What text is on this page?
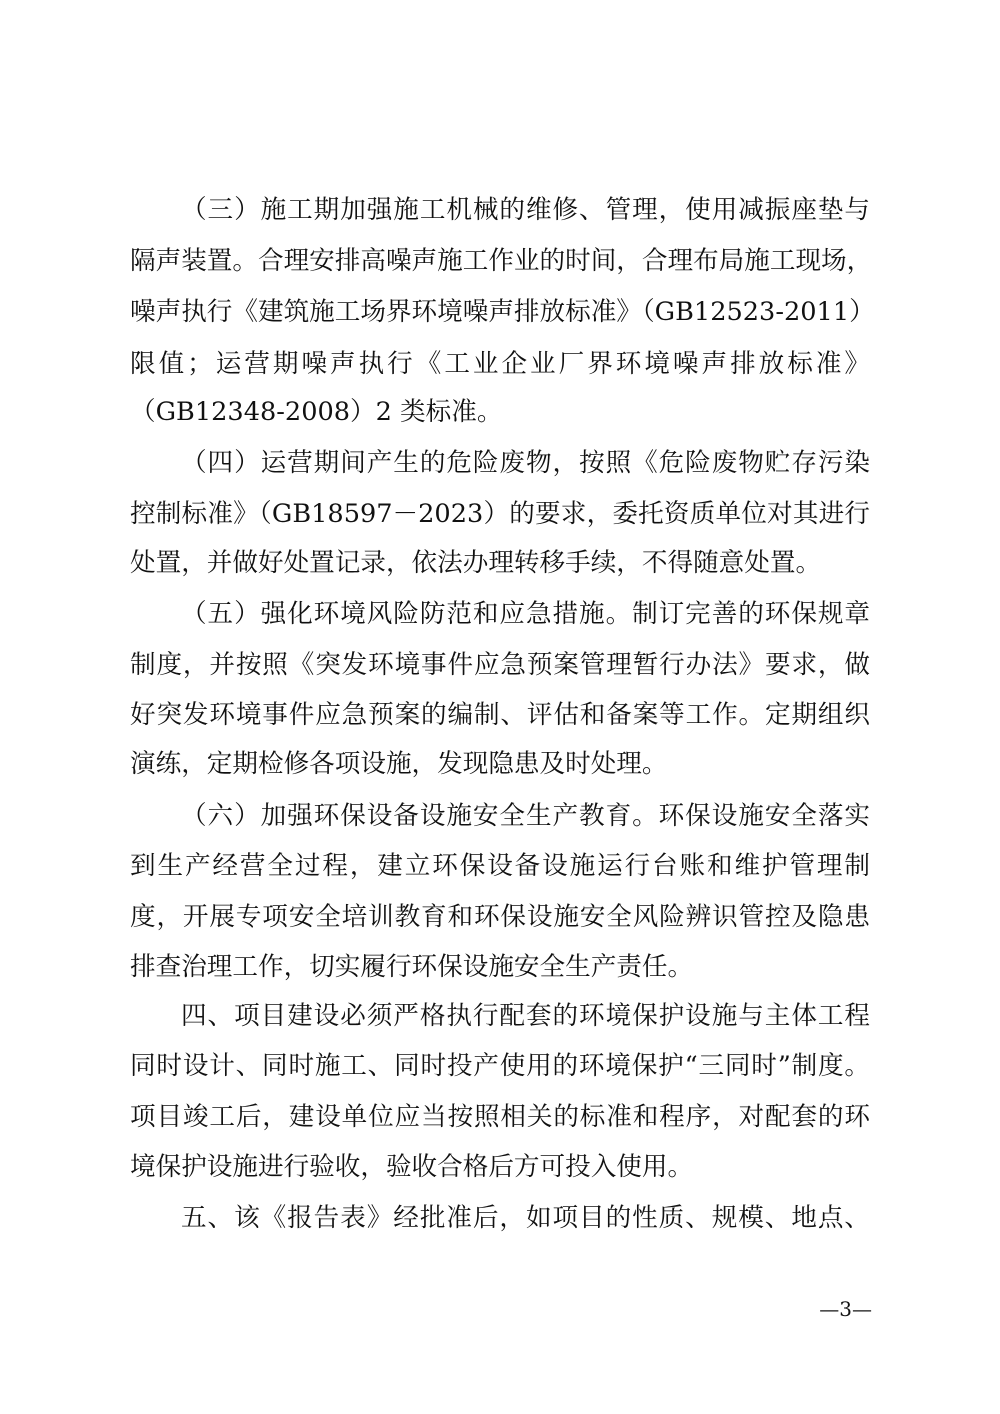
（三）施工期加强施工机械的维修、管理，使用减振座垫与
隔声装置。合理安排高噪声施工作业的时间，合理布局施工现场，
噪声执行《建筑施工场界环境噪声排放标准》（GB12523-2011）
限值；运营期噪声执行《工业企业厂界环境噪声排放标准》
（GB12348-2008）2 类标准。
（四）运营期间产生的危险废物，按照《危险废物贮存污染
控制标准》（GB18597－2023）的要求，委托资质单位对其进行
处置，并做好处置记录，依法办理转移手续，不得随意处置。
（五）强化环境风险防范和应急措施。制订完善的环保规章
制度，并按照《突发环境事件应急预案管理暂行办法》要求，做
好突发环境事件应急预案的编制、评估和备案等工作。定期组织
演练，定期检修各项设施，发现隐患及时处理。
（六）加强环保设备设施安全生产教育。环保设施安全落实
到生产经营全过程，建立环保设备设施运行台账和维护管理制
度，开展专项安全培训教育和环保设施安全风险辨识管控及隐患
排查治理工作，切实履行环保设施安全生产责任。
四、项目建设必须严格执行配套的环境保护设施与主体工程
同时设计、同时施工、同时投产使用的环境保护“三同时”制度。
项目竣工后，建设单位应当按照相关的标准和程序，对配套的环
境保护设施进行验收，验收合格后方可投入使用。
五、该《报告表》经批准后，如项目的性质、规模、地点、
—3—
